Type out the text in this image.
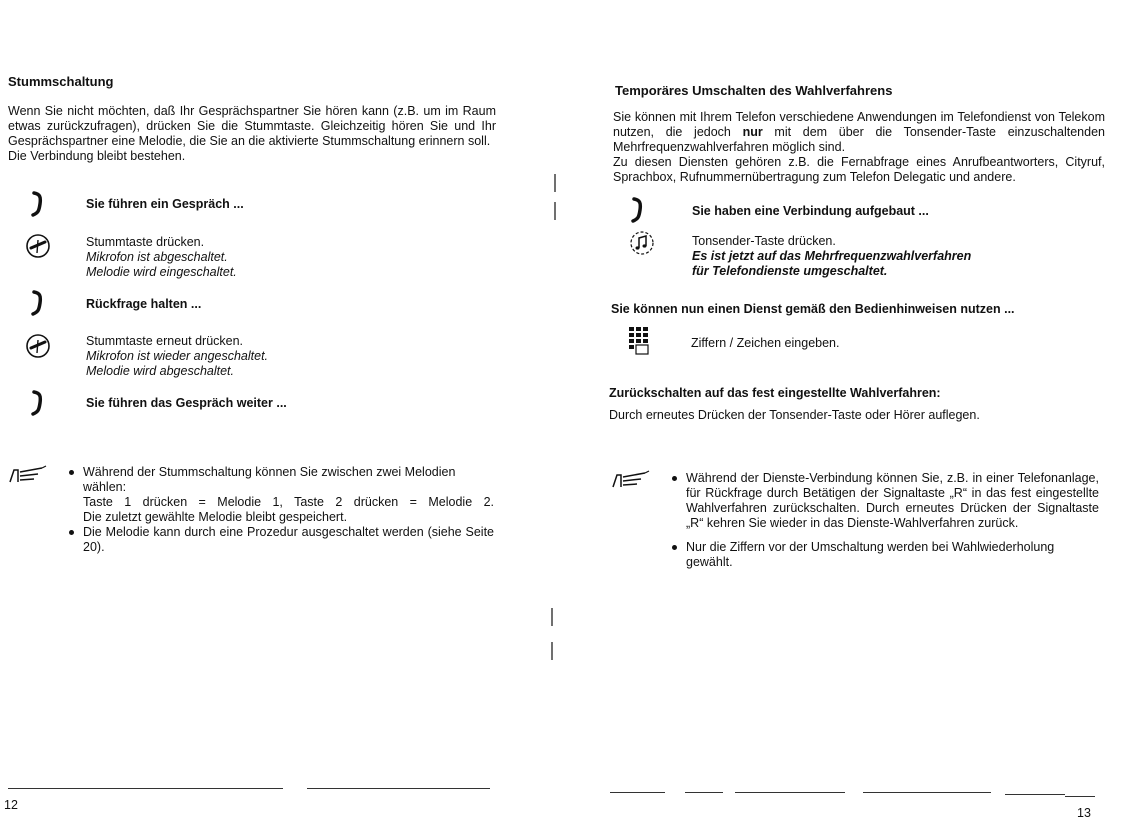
Stummschaltung

Wenn Sie nicht möchten, daß Ihr Gesprächspartner Sie hören kann (z.B. um im Raum etwas zurückzufragen), drücken Sie die Stummtaste. Gleichzeitig hören Sie und Ihr Gesprächspartner eine Melodie, die Sie an die aktivierte Stummschaltung erinnern soll.

Die Verbindung bleibt bestehen.

Sie führen ein Gespräch ...
Stummtaste drücken.
Mikrofon ist abgeschaltet.
Melodie wird eingeschaltet.
Rückfrage halten ...
Stummtaste erneut drücken.
Mikrofon ist wieder angeschaltet.
Melodie wird abgeschaltet.
Sie führen das Gespräch weiter ...
Während der Stummschaltung können Sie zwischen zwei Melodien wählen:

Taste 1 drücken = Melodie 1, Taste 2 drücken = Melodie 2.
Die zuletzt gewählte Melodie bleibt gespeichert.
Die Melodie kann durch eine Prozedur ausgeschaltet werden (siehe Seite 20).
12
Temporäres Umschalten des Wahlverfahrens

Sie können mit Ihrem Telefon verschiedene Anwendungen im Telefondienst von Telekom nutzen, die jedoch nur mit dem über die Tonsender-Taste einzuschaltenden Mehrfrequenzwahlverfahren möglich sind.

Zu diesen Diensten gehören z.B. die Fernabfrage eines Anrufbeantworters, Cityruf, Sprachbox, Rufnummernübertragung zum Telefon Delegatic und andere.

Sie haben eine Verbindung aufgebaut ...
Tonsender-Taste drücken.
Es ist jetzt auf das Mehrfrequenzwahlverfahren
für Telefondienste umgeschaltet.
Sie können nun einen Dienst gemäß den Bedienhinweisen nutzen ...
Ziffern / Zeichen eingeben.
Zurückschalten auf das fest eingestellte Wahlverfahren:
Durch erneutes Drücken der Tonsender-Taste oder Hörer auflegen.
Während der Dienste-Verbindung können Sie, z.B. in einer Telefonanlage, für Rückfrage durch Betätigen der Signaltaste „R“ in das fest eingestellte Wahlverfahren zurückschalten. Durch erneutes Drücken der Signaltaste „R“ kehren Sie wieder in das Dienste-Wahlverfahren zurück.
Nur die Ziffern vor der Umschaltung werden bei Wahlwiederholung gewählt.
13
